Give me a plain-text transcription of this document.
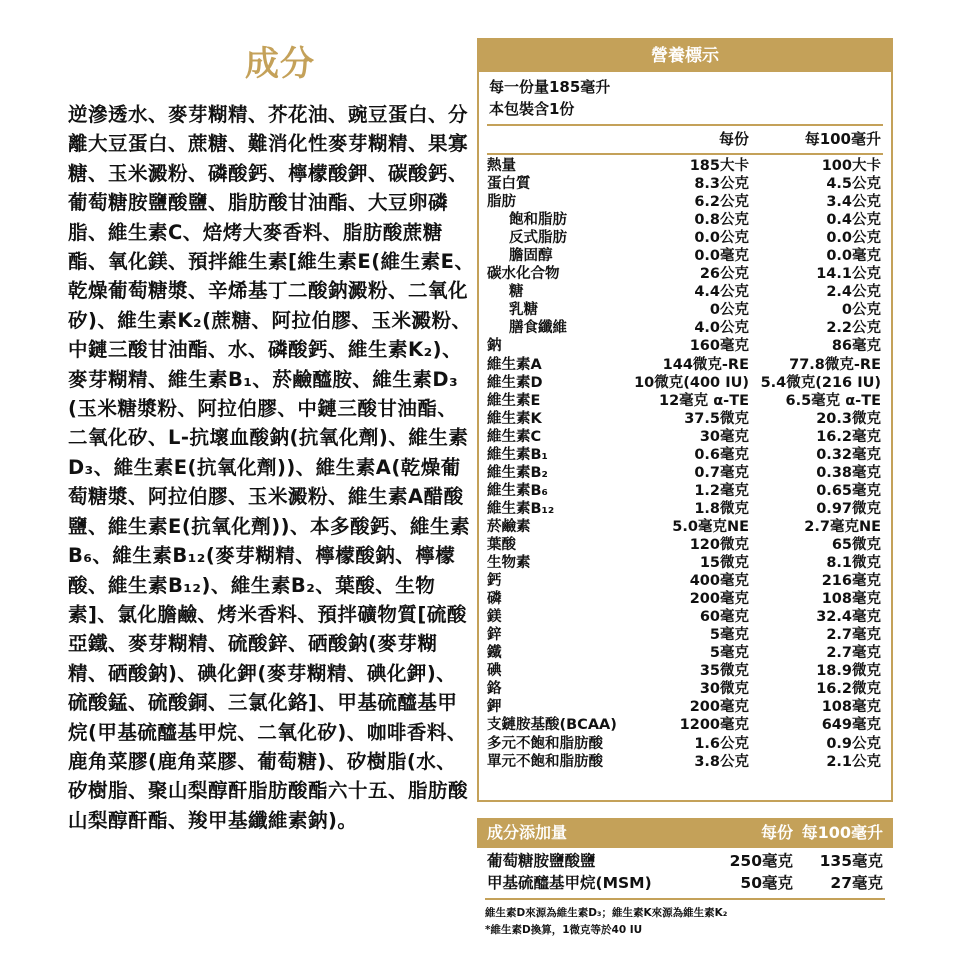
成分
逆滲透水、麥芽糊精、芥花油、豌豆蛋白、分離大豆蛋白、蔗糖、難消化性麥芽糊精、果寡糖、玉米澱粉、磷酸鈣、檸檬酸鉀、碳酸鈣、葡萄糖胺鹽酸鹽、脂肪酸甘油酯、大豆卵磷脂、維生素C、焙烤大麥香料、脂肪酸蔗糖酯、氧化鎂、預拌維生素[維生素E(維生素E、乾燥葡萄糖漿、辛烯基丁二酸鈉澱粉、二氧化矽)、維生素K₂(蔗糖、阿拉伯膠、玉米澱粉、中鏈三酸甘油酯、水、磷酸鈣、維生素K₂)、麥芽糊精、維生素B₁、菸鹼醯胺、維生素D₃(玉米糖漿粉、阿拉伯膠、中鏈三酸甘油酯、二氧化矽、L-抗壞血酸鈉(抗氧化劑)、維生素D₃、維生素E(抗氧化劑))、維生素A(乾燥葡萄糖漿、阿拉伯膠、玉米澱粉、維生素A醋酸鹽、維生素E(抗氧化劑))、本多酸鈣、維生素B₆、維生素B₁₂(麥芽糊精、檸檬酸鈉、檸檬酸、維生素B₁₂)、維生素B₂、葉酸、生物素]、氯化膽鹼、烤米香料、預拌礦物質[硫酸亞鐵、麥芽糊精、硫酸鋅、硒酸鈉(麥芽糊精、硒酸鈉)、碘化鉀(麥芽糊精、碘化鉀)、硫酸錳、硫酸銅、三氯化鉻]、甲基硫醯基甲烷(甲基硫醯基甲烷、二氧化矽)、咖啡香料、鹿角菜膠(鹿角菜膠、葡萄糖)、矽樹脂(水、矽樹脂、聚山梨醇酐脂肪酸酯六十五、脂肪酸山梨醇酐酯、羧甲基纖維素鈉)。
營養標示
每一份量185毫升
本包裝含1份
每份	每100毫升
熱量	185大卡	100大卡
蛋白質	8.3公克	4.5公克
脂肪	6.2公克	3.4公克
飽和脂肪	0.8公克	0.4公克
反式脂肪	0.0公克	0.0公克
膽固醇	0.0毫克	0.0毫克
碳水化合物	26公克	14.1公克
糖	4.4公克	2.4公克
乳糖	0公克	0公克
膳食纖維	4.0公克	2.2公克
鈉	160毫克	86毫克
維生素A	144微克-RE	77.8微克-RE
維生素D	10微克(400 IU) 5.4微克(216 IU)
維生素E	12毫克 α-TE	6.5毫克 α-TE
維生素K	37.5微克	20.3微克
維生素C	30毫克	16.2毫克
維生素B₁	0.6毫克	0.32毫克
維生素B₂	0.7毫克	0.38毫克
維生素B₆	1.2毫克	0.65毫克
維生素B₁₂	1.8微克	0.97微克
菸鹼素	5.0毫克NE	2.7毫克NE
葉酸	120微克	65微克
生物素	15微克	8.1微克
鈣	400毫克	216毫克
磷	200毫克	108毫克
鎂	60毫克	32.4毫克
鋅	5毫克	2.7毫克
鐵	5毫克	2.7毫克
碘	35微克	18.9微克
鉻	30微克	16.2微克
鉀	200毫克	108毫克
支鏈胺基酸(BCAA)	1200毫克	649毫克
多元不飽和脂肪酸	1.6公克	0.9公克
單元不飽和脂肪酸	3.8公克	2.1公克
成分添加量	每份 每100毫升
葡萄糖胺鹽酸鹽	250毫克 135毫克
甲基硫醯基甲烷(MSM)	50毫克 27毫克
維生素D來源為維生素D₃；維生素K來源為維生素K₂
*維生素D換算，1微克等於40 IU
